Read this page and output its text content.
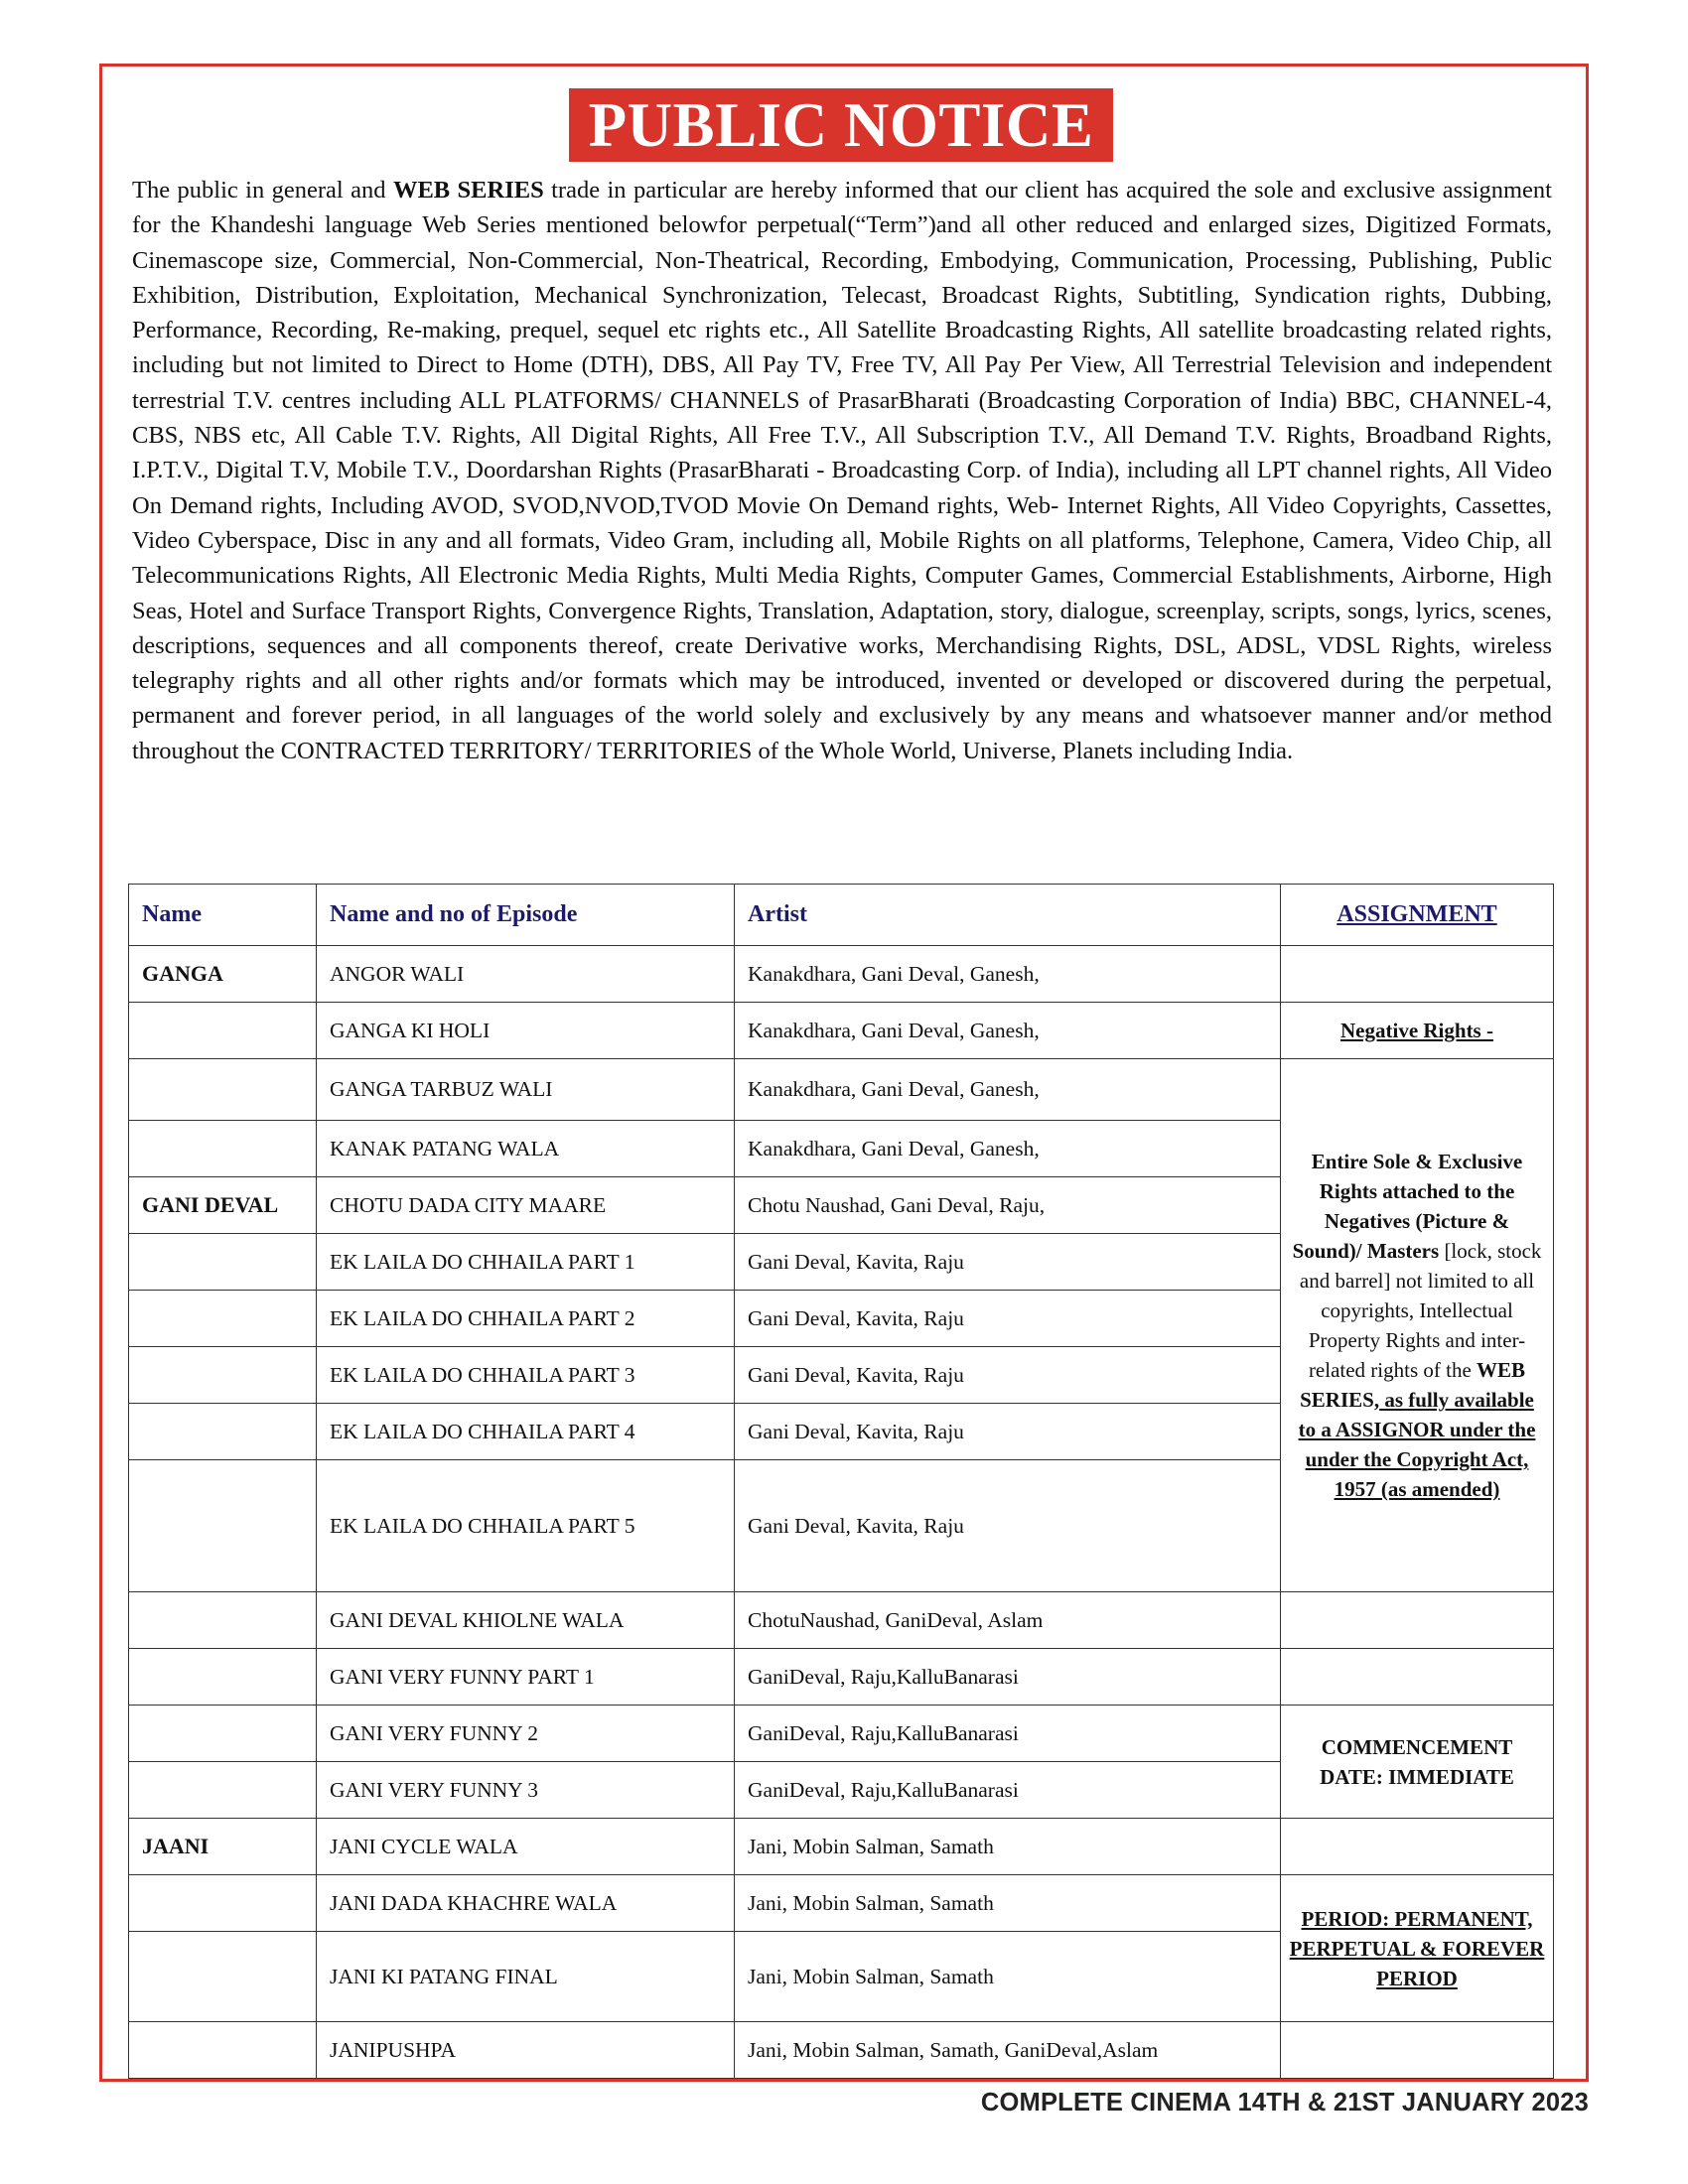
PUBLIC NOTICE

The public in general and WEB SERIES trade in particular are hereby informed that our client has acquired the sole and exclusive assignment for the Khandeshi language Web Series mentioned belowfor perpetual(“Term”)and all other reduced and enlarged sizes, Digitized Formats, Cinemascope size, Commercial, Non-Commercial, Non-Theatrical, Recording, Embodying, Communication, Processing, Publishing, Public Exhibition, Distribution, Exploitation, Mechanical Synchronization, Telecast, Broadcast Rights, Subtitling, Syndication rights, Dubbing, Performance, Recording, Re-making, prequel, sequel etc rights etc., All Satellite Broadcasting Rights, All satellite broadcasting related rights, including but not limited to Direct to Home (DTH), DBS, All Pay TV, Free TV, All Pay Per View, All Terrestrial Television and independent terrestrial T.V. centres including ALL PLATFORMS/ CHANNELS of PrasarBharati (Broadcasting Corporation of India) BBC, CHANNEL-4, CBS, NBS etc, All Cable T.V. Rights, All Digital Rights, All Free T.V., All Subscription T.V., All Demand T.V. Rights, Broadband Rights, I.P.T.V., Digital T.V, Mobile T.V., Doordarshan Rights (PrasarBharati - Broadcasting Corp. of India), including all LPT channel rights, All Video On Demand rights, Including AVOD, SVOD,NVOD,TVOD Movie On Demand rights, Web- Internet Rights, All Video Copyrights, Cassettes, Video Cyberspace, Disc in any and all formats, Video Gram, including all, Mobile Rights on all platforms, Telephone, Camera, Video Chip, all Telecommunications Rights, All Electronic Media Rights, Multi Media Rights, Computer Games, Commercial Establishments, Airborne, High Seas, Hotel and Surface Transport Rights, Convergence Rights, Translation, Adaptation, story, dialogue, screenplay, scripts, songs, lyrics, scenes, descriptions, sequences and all components thereof, create Derivative works, Merchandising Rights, DSL, ADSL, VDSL Rights, wireless telegraphy rights and all other rights and/or formats which may be introduced, invented or developed or discovered during the perpetual, permanent and forever period, in all languages of the world solely and exclusively by any means and whatsoever manner and/or method throughout the CONTRACTED TERRITORY/ TERRITORIES of the Whole World, Universe, Planets including India.

Name	Name and no of Episode	Artist	ASSIGNMENT
GANGA	ANGOR WALI	Kanakdhara, Gani Deval, Ganesh,	
	GANGA KI HOLI	Kanakdhara, Gani Deval, Ganesh,	Negative Rights -
	GANGA TARBUZ WALI	Kanakdhara, Gani Deval, Ganesh,	Entire Sole & Exclusive Rights attached to the Negatives (Picture & Sound)/ Masters [lock, stock and barrel] not limited to all copyrights, Intellectual Property Rights and inter-related rights of the WEB SERIES, as fully available to a ASSIGNOR under the under the Copyright Act, 1957 (as amended)
	KANAK PATANG WALA	Kanakdhara, Gani Deval, Ganesh,	
GANI DEVAL	CHOTU DADA CITY MAARE	Chotu Naushad, Gani Deval, Raju,	
	EK LAILA DO CHHAILA PART 1	Gani Deval, Kavita, Raju	
	EK LAILA DO CHHAILA PART 2	Gani Deval, Kavita, Raju	
	EK LAILA DO CHHAILA PART 3	Gani Deval, Kavita, Raju	
	EK LAILA DO CHHAILA PART 4	Gani Deval, Kavita, Raju	
	EK LAILA DO CHHAILA PART 5	Gani Deval, Kavita, Raju	
	GANI DEVAL KHIOLNE WALA	ChotuNaushad, GaniDeval, Aslam	
	GANI VERY FUNNY PART 1	GaniDeval, Raju,KalluBanarasi	
	GANI VERY FUNNY 2	GaniDeval, Raju,KalluBanarasi	COMMENCEMENT DATE: IMMEDIATE
	GANI VERY FUNNY 3	GaniDeval, Raju,KalluBanarasi	
JAANI	JANI CYCLE WALA	Jani, Mobin Salman, Samath	
	JANI DADA KHACHRE WALA	Jani, Mobin Salman, Samath	PERIOD: PERMANENT, PERPETUAL & FOREVER PERIOD
	JANI KI PATANG FINAL	Jani, Mobin Salman, Samath	
	JANIPUSHPA	Jani, Mobin Salman, Samath, GaniDeval,Aslam	
COMPLETE CINEMA 14TH & 21ST JANUARY 2023
